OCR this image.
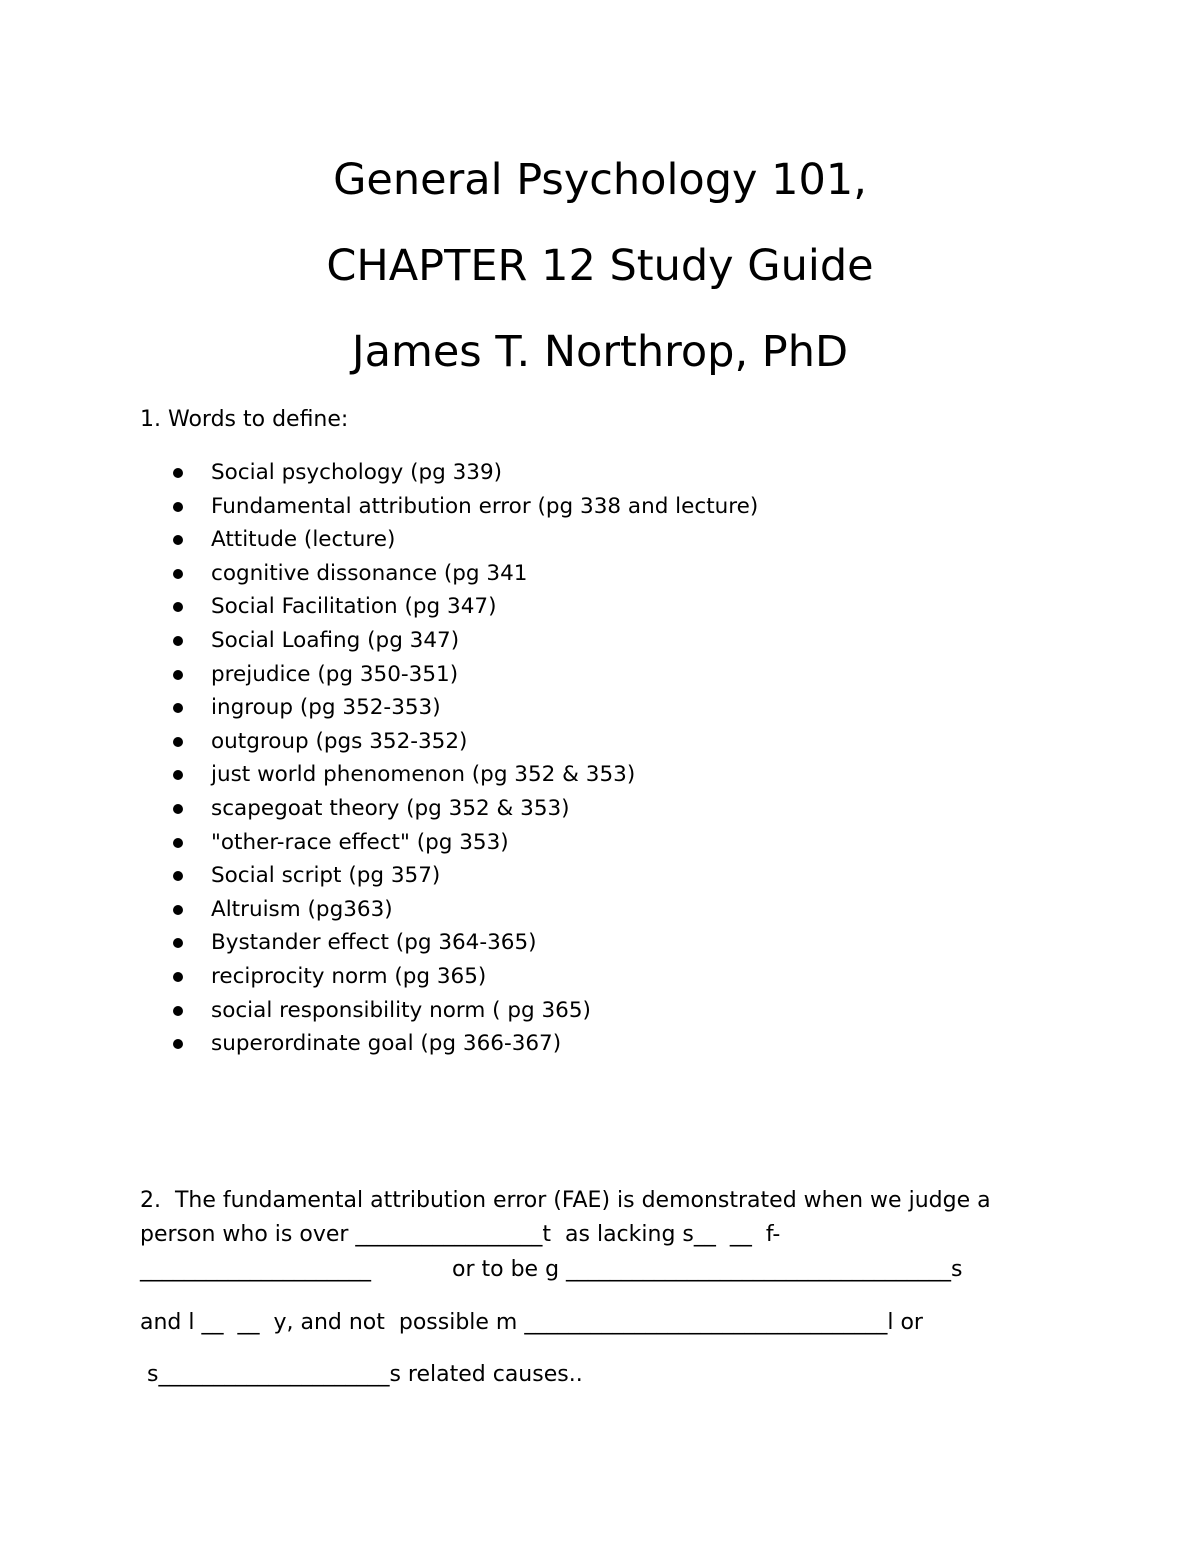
General Psychology 101,
CHAPTER 12 Study Guide
James T. Northrop, PhD
1. Words to define:
Social psychology (pg 339)
Fundamental attribution error (pg 338 and lecture)
Attitude (lecture)
cognitive dissonance (pg 341
Social Facilitation (pg 347)
Social Loafing (pg 347)
prejudice (pg 350-351)
ingroup (pg 352-353)
outgroup (pgs 352-352)
just world phenomenon (pg 352 & 353)
scapegoat theory (pg 352 & 353)
"other-race effect" (pg 353)
Social script (pg 357)
Altruism (pg363)
Bystander effect (pg 364-365)
reciprocity norm (pg 365)
social responsibility norm ( pg 365)
superordinate goal (pg 366-367)
2.  The fundamental attribution error (FAE) is demonstrated when we judge a
person who is over _________________t  as lacking s__  __  f-
_____________________	or to be g ___________________________________s
and l __  __  y, and not  possible m _________________________________l or
s_____________________s related causes..
